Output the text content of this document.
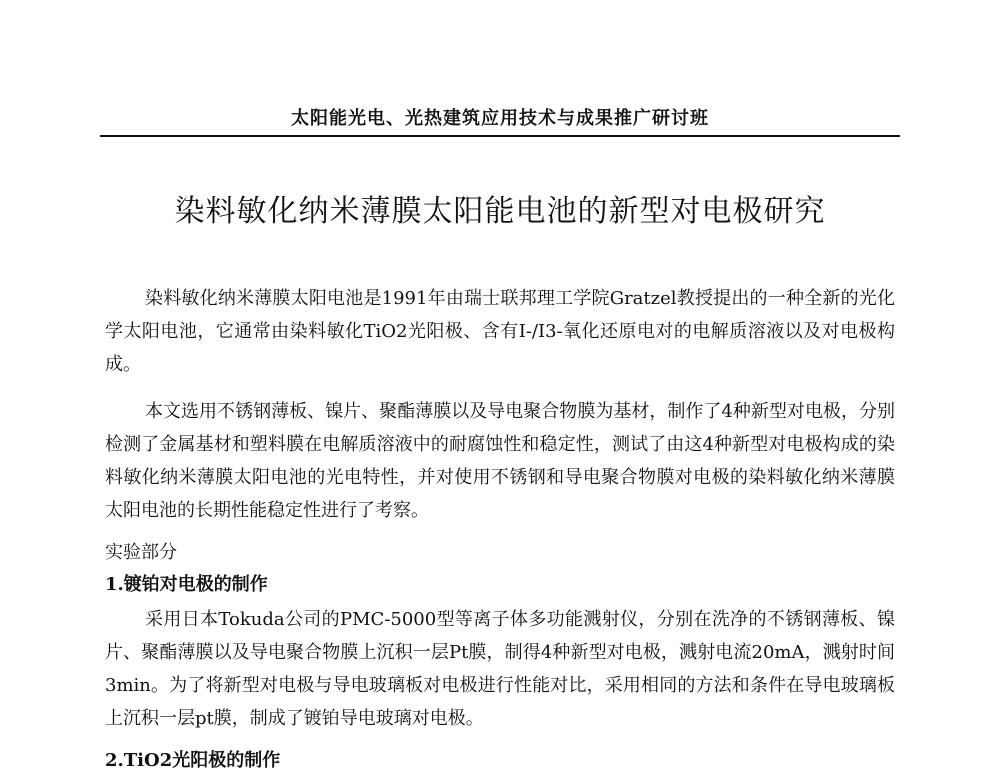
太阳能光电、光热建筑应用技术与成果推广研讨班
染料敏化纳米薄膜太阳能电池的新型对电极研究

染料敏化纳米薄膜太阳电池是1991年由瑞士联邦理工学院Gratzel教授提出的一种全新的光化学太阳电池，它通常由染料敏化TiO2光阳极、含有I-/I3-氧化还原电对的电解质溶液以及对电极构成。

本文选用不锈钢薄板、镍片、聚酯薄膜以及导电聚合物膜为基材，制作了4种新型对电极，分别检测了金属基材和塑料膜在电解质溶液中的耐腐蚀性和稳定性，测试了由这4种新型对电极构成的染料敏化纳米薄膜太阳电池的光电特性，并对使用不锈钢和导电聚合物膜对电极的染料敏化纳米薄膜太阳电池的长期性能稳定性进行了考察。

实验部分
1.镀铂对电极的制作

采用日本Tokuda公司的PMC-5000型等离子体多功能溅射仪，分别在洗净的不锈钢薄板、镍片、聚酯薄膜以及导电聚合物膜上沉积一层Pt膜，制得4种新型对电极，溅射电流20mA，溅射时间3min。为了将新型对电极与导电玻璃板对电极进行性能对比，采用相同的方法和条件在导电玻璃板上沉积一层pt膜，制成了镀铂导电玻璃对电极。

2.TiO2光阳极的制作
